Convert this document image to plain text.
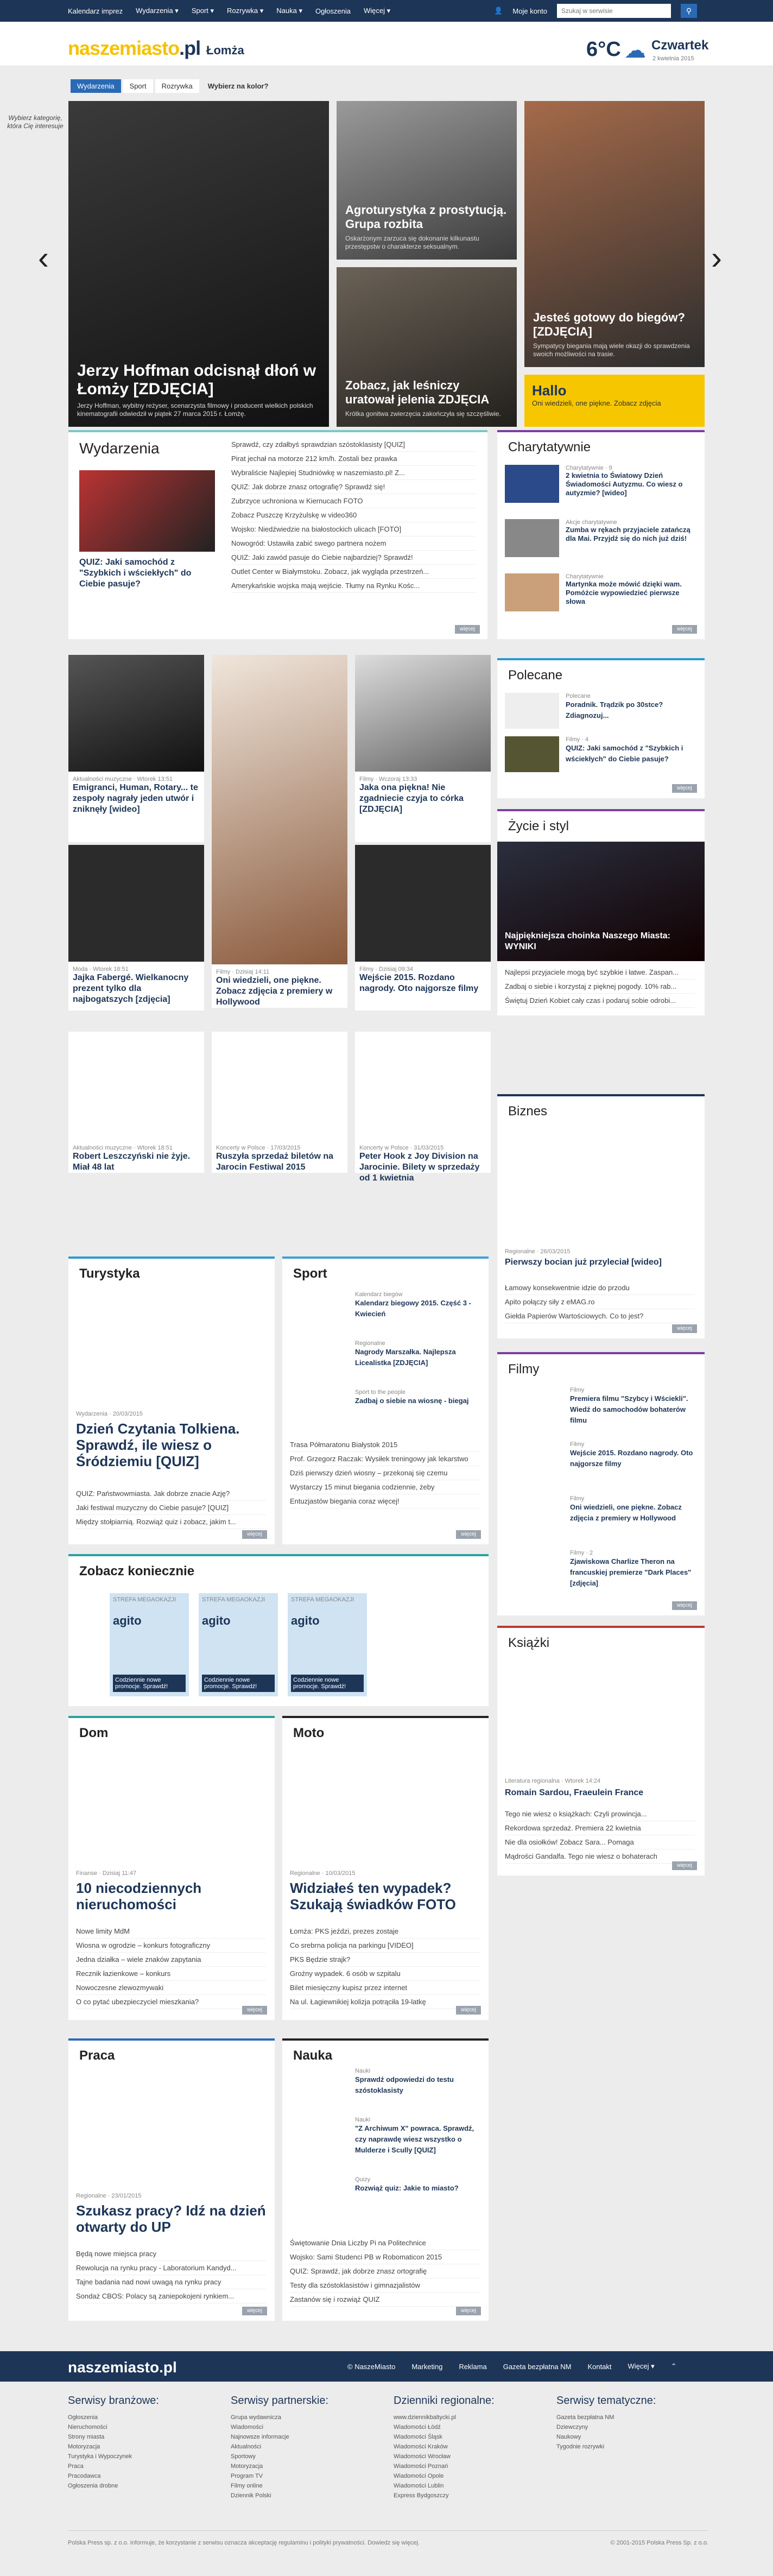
Kalendarz imprez Wydarzenia ▾ Sport ▾ Rozrywka ▾ Nauka ▾ Ogłoszenia Więcej ▾	👤 Moje konto
Szukaj w serwisie	⚲
naszemiasto.pl Łomża	6°C ☁ Czwartek
2 kwietnia 2015
Wydarzenia	Sport	Rozrywka	Wybierz na kolor?
Wybierz kategorię, która Cię interesuje
‹	›
Jerzy Hoffman odcisnął dłoń w Łomży [ZDJĘCIA]

Jerzy Hoffman, wybitny reżyser, scenarzysta filmowy i producent wielkich polskich kinematografii odwiedził w piątek 27 marca 2015 r. Łomżę.

Agroturystyka z prostytucją. Grupa rozbita

Oskarżonym zarzuca się dokonanie kilkunastu przestępstw o charakterze seksualnym.

Zobacz, jak leśniczy uratował jelenia ZDJĘCIA

Krótka gonitwa zwierzęcia zakończyła się szczęśliwie.

Jesteś gotowy do biegów? [ZDJĘCIA]

Sympatycy biegania mają wiele okazji do sprawdzenia swoich możliwości na trasie.

Hallo

Oni wiedzieli, one piękne. Zobacz zdjęcia

Wydarzenia
QUIZ: Jaki samochód z "Szybkich i wściekłych" do Ciebie pasuje?
Sprawdź, czy zdałbyś sprawdzian szóstoklasisty [QUIZ]
Pirat jechał na motorze 212 km/h. Zostali bez prawka
Wybraliście Najlepiej Studniówkę w naszemiasto.pl! Z...
QUIZ: Jak dobrze znasz ortografię? Sprawdź się!
Zubrzyce uchroniona w Kiernucach FOTO
Zobacz Puszczę Krzyżulskę w video360
Wojsko: Niedźwiedzie na białostockich ulicach [FOTO]
Nowogród: Ustawiła zabić swego partnera nożem
QUIZ: Jaki zawód pasuje do Ciebie najbardziej? Sprawdź!
Outlet Center w Białymstoku. Zobacz, jak wygląda przestrzeń...
Amerykańskie wojska mają wejście. Tłumy na Rynku Kośc...
więcej
Charytatywnie
Charytatywnie · 9
2 kwietnia to Światowy Dzień Świadomości Autyzmu. Co wiesz o autyzmie? [wideo]
Akcje charytatywne
Zumba w rękach przyjaciele zatańczą dla Mai. Przyjdź się do nich już dziś!
Charytatywnie
Martynka może mówić dzięki wam. Pomóżcie wypowiedzieć pierwsze słowa
więcej
Aktualności muzyczne · Wtorek 13:51
Emigranci, Human, Rotary... te zespoły nagrały jeden utwór i zniknęły [wideo]
Filmy · Dzisiaj 14:11
Oni wiedzieli, one piękne. Zobacz zdjęcia z premiery w Hollywood
Filmy · Wczoraj 13:33
Jaka ona piękna! Nie zgadniecie czyja to córka [ZDJĘCIA]
Moda · Wtorek 18:51
Jajka Fabergé. Wielkanocny prezent tylko dla najbogatszych [zdjęcia]
Filmy · Dzisiaj 09:34
Wejście 2015. Rozdano nagrody. Oto najgorsze filmy
Polecane
Polecane
Poradnik. Trądzik po 30stce? Zdiagnozuj...
Filmy · 4
QUIZ: Jaki samochód z "Szybkich i wściekłych" do Ciebie pasuje?
więcej
Życie i styl
Najpiękniejsza choinka Naszego Miasta: WYNIKI
Najlepsi przyjaciele mogą być szybkie i łatwe. Zaspan...
Zadbaj o siebie i korzystaj z pięknej pogody. 10% rab...
Świętuj Dzień Kobiet cały czas i podaruj sobie odrobi...
Aktualności muzyczne · Wtorek 18:51
Robert Leszczyński nie żyje. Miał 48 lat
Koncerty w Polsce · 17/03/2015
Ruszyła sprzedaż biletów na Jarocin Festiwal 2015
Koncerty w Polsce · 31/03/2015
Peter Hook z Joy Division na Jarocinie. Bilety w sprzedaży od 1 kwietnia
Biznes
Regionalne · 26/03/2015
Pierwszy bocian już przyleciał [wideo]
Łamowy konsekwentnie idzie do przodu
Apito połączy siły z eMAG.ro
Giełda Papierów Wartościowych. Co to jest?
więcej
Turystyka
Wydarzenia · 20/03/2015
Dzień Czytania Tolkiena. Sprawdź, ile wiesz o Śródziemiu [QUIZ]
QUIZ: Państwowmiasta. Jak dobrze znacie Azję?
Jaki festiwal muzyczny do Ciebie pasuje? [QUIZ]
Między stołpiarnią. Rozwiąż quiz i zobacz, jakim t...
więcej
Sport
Kalendarz biegów
Kalendarz biegowy 2015. Część 3 - Kwiecień
Regionalne
Nagrody Marszałka. Najlepsza Licealistka [ZDJĘCIA]
Sport to the people
Zadbaj o siebie na wiosnę - biegaj
Trasa Półmaratonu Białystok 2015
Prof. Grzegorz Raczak: Wysiłek treningowy jak lekarstwo
Dziś pierwszy dzień wiosny – przekonaj się czemu
Wystarczy 15 minut biegania codziennie, żeby
Entuzjastów biegania coraz więcej!
więcej
Filmy
Filmy
Premiera filmu "Szybcy i Wściekli". Wiedź do samochodów bohaterów filmu
Filmy
Wejście 2015. Rozdano nagrody. Oto najgorsze filmy
Filmy
Oni wiedzieli, one piękne. Zobacz zdjęcia z premiery w Hollywood
Filmy · 2
Zjawiskowa Charlize Theron na francuskiej premierze "Dark Places" [zdjęcia]
więcej
Zobacz koniecznie
STREFA MEGAOKAZJI
agito
Codziennie nowe promocje. Sprawdź!
STREFA MEGAOKAZJI
agito
Codziennie nowe promocje. Sprawdź!
STREFA MEGAOKAZJI
agito
Codziennie nowe promocje. Sprawdź!
Książki
Literatura regionalna · Wtorek 14:24
Romain Sardou, Fraeulein France
Tego nie wiesz o książkach: Czyli prowincja...
Rekordowa sprzedaż. Premiera 22 kwietnia
Nie dla osiołków! Zobacz Sara... Pomaga
Mądrości Gandalfa. Tego nie wiesz o bohaterach
więcej
Dom
Finanse · Dzisiaj 11:47
10 niecodziennych nieruchomości
Nowe limity MdM
Wiosna w ogrodzie – konkurs fotograficzny
Jedna działka – wiele znaków zapytania
Recznik łazienkowe – konkurs
Nowoczesne zlewozmywaki
O co pytać ubezpieczyciel mieszkania?
więcej
Moto
Regionalne · 10/03/2015
Widziałeś ten wypadek? Szukają świadków FOTO
Łomża: PKS jeździ, prezes zostaje
Co srebrna policja na parkingu [VIDEO]
PKS Będzie strajk?
Groźny wypadek. 6 osób w szpitalu
Bilet miesięczny kupisz przez internet
Na ul. Łagiewnikiej kolizja potrąciła 19-latkę
więcej
Praca
Regionalne · 23/01/2015
Szukasz pracy? Idź na dzień otwarty do UP
Będą nowe miejsca pracy
Rewolucja na rynku pracy - Laboratorium Kandyd...
Tajne badania nad nowi uwagą na rynku pracy
Sondaż CBOS: Polacy są zaniepokojeni rynkiem...
więcej
Nauka
Nauki
Sprawdź odpowiedzi do testu szóstoklasisty
Nauki
"Z Archiwum X" powraca. Sprawdź, czy naprawdę wiesz wszystko o Mulderze i Scully [QUIZ]
Quizy
Rozwiąż quiz: Jakie to miasto?
Świętowanie Dnia Liczby Pi na Politechnice
Wojsko: Sami Studenci PB w Robomaticon 2015
QUIZ: Sprawdź, jak dobrze znasz ortografię
Testy dla szóstoklasistów i gimnazjalistów
Zastanów się i rozwiąż QUIZ
więcej
naszemiasto.pl	© NaszeMiasto Marketing Reklama Gazeta bezpłatna NM Kontakt Więcej ▾ ⌃
Serwisy branżowe:
Ogłoszenia
Nieruchomości
Strony miasta
Motoryzacja
Turystyka i Wypoczynek
Praca
Pracodawca
Ogłoszenia drobne
Serwisy partnerskie:
Grupa wydawnicza
Wiadomości
Najnowsze informacje
Aktualności
Sportowy
Motoryzacja
Program TV
Filmy online
Dziennik Polski
Dzienniki regionalne:
www.dziennikbaltycki.pl
Wiadomości Łódź
Wiadomości Śląsk
Wiadomości Kraków
Wiadomości Wrocław
Wiadomości Poznań
Wiadomości Opole
Wiadomości Lublin
Express Bydgoszczy
Serwisy tematyczne:
Gazeta bezpłatna NM
Dziewczyny
Naukowy
Tygodnie rozrywki
Polska Press sp. z o.o. informuje, że korzystanie z serwisu oznacza akceptację regulaminu i polityki prywatności. Dowiedz się więcej.	© 2001-2015 Polska Press Sp. z o.o.
